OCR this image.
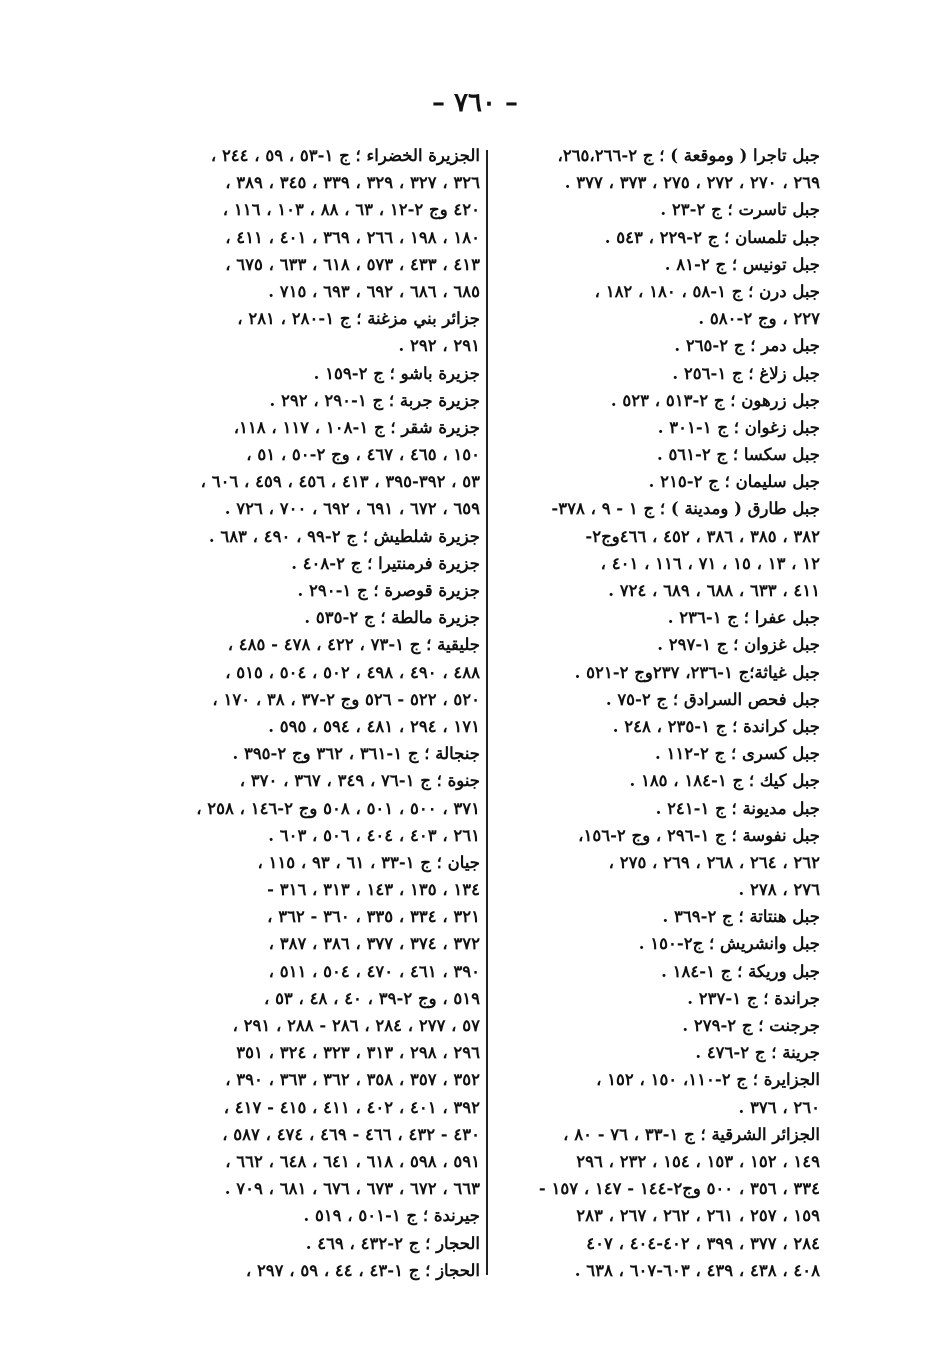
– ٧٦٠ –
جبل تاجرا ( وموقعة ) ؛ ج ٢-٢٦٥،٢٦٦،
٢٦٩ ، ٢٧٠ ، ٢٧٢ ، ٢٧٥ ، ٣٧٣ ، ٣٧٧ .
جبل تاسرت ؛ ج ٢-٢٣ .
جبل تلمسان ؛ ج ٢-٢٢٩ ، ٥٤٣ .
جبل تونيس ؛ ج ٢-٨١ .
جبل درن ؛ ج ١-٥٨ ، ١٨٠ ، ١٨٢ ،
٢٢٧ ، وج ٢-٥٨٠ .
جبل دمر ؛ ج ٢-٢٦٥ .
جبل زلاغ ؛ ج ١-٢٥٦ .
جبل زرهون ؛ ج ٢-٥١٣ ، ٥٢٣ .
جبل زغوان ؛ ج ١-٣٠١ .
جبل سكسا ؛ ج ٢-٥٦١ .
جبل سليمان ؛ ج ٢-٢١٥ .
جبل طارق ( ومدينة ) ؛ ج ١ - ٩ ، ٣٧٨-
٣٨٢ ، ٣٨٥ ، ٣٨٦ ، ٤٥٢ ، ٤٦٦وج٢-
١٢ ، ١٣ ، ١٥ ، ٧١ ، ١١٦ ، ٤٠١ ،
٤١١ ، ٦٣٣ ، ٦٨٨ ، ٦٨٩ ، ٧٢٤ .
جبل عفرا ؛ ج ١-٢٣٦ .
جبل غزوان ؛ ج ١-٢٩٧ .
جبل غياثة؛ج ١-٢٣٦، ٢٣٧وج ٢-٥٢١ .
جبل فحص السرادق ؛ ج ٢-٧٥ .
جبل كراندة ؛ ج ١-٢٣٥ ، ٢٤٨ .
جبل كسرى ؛ ج ٢-١١٢ .
جبل كيك ؛ ج ١-١٨٤ ، ١٨٥ .
جبل مديونة ؛ ج ١-٢٤١ .
جبل نفوسة ؛ ج ١-٢٩٦ ، وج ٢-١٥٦،
٢٦٢ ، ٢٦٤ ، ٢٦٨ ، ٢٦٩ ، ٢٧٥ ،
٢٧٦ ، ٢٧٨ .
جبل هنتاتة ؛ ج ٢-٣٦٩ .
جبل وانشريش ؛ ج٢-١٥٠ .
جبل وريكة ؛ ج ١-١٨٤ .
جراندة ؛ ج ١-٢٣٧ .
جرجنت ؛ ج ٢-٢٧٩ .
جرينة ؛ ج ٢-٤٧٦ .
الجزايرة ؛ ج ٢-١١٠، ١٥٠ ، ١٥٢ ،
٢٦٠ ، ٣٧٦ .
الجزائر الشرقية ؛ ج ١-٣٣ ، ٧٦ - ٨٠ ،
١٤٩ ، ١٥٢ ، ١٥٣ ، ١٥٤ ، ٢٣٢ ، ٢٩٦
٣٣٤ ، ٣٥٦ ، ٥٠٠ وج٢-١٤٤ - ١٤٧ ، ١٥٧ -
١٥٩ ، ٢٥٧ ، ٢٦١ ، ٢٦٢ ، ٢٦٧ ، ٢٨٣
٢٨٤ ، ٣٧٧ ، ٣٩٩ ، ٤٠٢-٤٠٤ ، ٤٠٧
٤٠٨ ، ٤٣٨ ، ٤٣٩ ، ٦٠٣-٦٠٧ ، ٦٣٨ .
الجزيرة الخضراء ؛ ج ١-٥٣ ، ٥٩ ، ٢٤٤ ،
٣٢٦ ، ٣٢٧ ، ٣٢٩ ، ٣٣٩ ، ٣٤٥ ، ٣٨٩ ،
٤٢٠ وج ٢-١٢ ، ٦٣ ، ٨٨ ، ١٠٣ ، ١١٦ ،
١٨٠ ، ١٩٨ ، ٢٦٦ ، ٣٦٩ ، ٤٠١ ، ٤١١ ،
٤١٣ ، ٤٣٣ ، ٥٧٣ ، ٦١٨ ، ٦٣٣ ، ٦٧٥ ،
٦٨٥ ، ٦٨٦ ، ٦٩٢ ، ٦٩٣ ، ٧١٥ .
جزائر بني مزغنة ؛ ج ١-٢٨٠ ، ٢٨١ ،
٢٩١ ، ٢٩٢ .
جزيرة باشو ؛ ج ٢-١٥٩ .
جزيرة جربة ؛ ج ١-٢٩٠ ، ٢٩٢ .
جزيرة شقر ؛ ج ١-١٠٨ ، ١١٧ ، ١١٨،
١٥٠ ، ٤٦٥ ، ٤٦٧ ، وج ٢-٥٠ ، ٥١ ،
٥٣ ، ٣٩٢-٣٩٥ ، ٤١٣ ، ٤٥٦ ، ٤٥٩ ، ٦٠٦ ،
٦٥٩ ، ٦٧٢ ، ٦٩١ ، ٦٩٢ ، ٧٠٠ ، ٧٢٦ .
جزيرة شلطيش ؛ ج ٢-٩٩ ، ٤٩٠ ، ٦٨٣ .
جزيرة فرمنتيرا ؛ ج ٢-٤٠٨ .
جزيرة قوصرة ؛ ج ١-٢٩٠ .
جزيرة مالطة ؛ ج ٢-٥٣٥ .
جليقية ؛ ج ١-٧٣ ، ٤٢٢ ، ٤٧٨ - ٤٨٥ ،
٤٨٨ ، ٤٩٠ ، ٤٩٨ ، ٥٠٢ ، ٥٠٤ ، ٥١٥ ،
٥٢٠ ، ٥٢٢ - ٥٢٦ وج ٢-٣٧ ، ٣٨ ، ١٧٠ ،
١٧١ ، ٢٩٤ ، ٤٨١ ، ٥٩٤ ، ٥٩٥ .
جنجالة ؛ ج ١-٣٦١ ، ٣٦٢ وج ٢-٣٩٥ .
جنوة ؛ ج ١-٧٦ ، ٣٤٩ ، ٣٦٧ ، ٣٧٠ ،
٣٧١ ، ٥٠٠ ، ٥٠١ ، ٥٠٨ وج ٢-١٤٦ ، ٢٥٨ ،
٢٦١ ، ٤٠٣ ، ٤٠٤ ، ٥٠٦ ، ٦٠٣ .
جيان ؛ ج ١-٣٣ ، ٦١ ، ٩٣ ، ١١٥ ،
١٣٤ ، ١٣٥ ، ١٤٣ ، ٣١٣ ، ٣١٦ -
٣٢١ ، ٣٣٤ ، ٣٣٥ ، ٣٦٠ - ٣٦٢ ،
٣٧٢ ، ٣٧٤ ، ٣٧٧ ، ٣٨٦ ، ٣٨٧ ،
٣٩٠ ، ٤٦١ ، ٤٧٠ ، ٥٠٤ ، ٥١١ ،
٥١٩ ، وج ٢-٣٩ ، ٤٠ ، ٤٨ ، ٥٣ ،
٥٧ ، ٢٧٧ ، ٢٨٤ ، ٢٨٦ - ٢٨٨ ، ٢٩١ ،
٢٩٦ ، ٢٩٨ ، ٣١٣ ، ٣٢٣ ، ٣٢٤ ، ٣٥١
٣٥٢ ، ٣٥٧ ، ٣٥٨ ، ٣٦٢ ، ٣٦٣ ، ٣٩٠ ،
٣٩٢ ، ٤٠١ ، ٤٠٢ ، ٤١١ ، ٤١٥ - ٤١٧ ،
٤٣٠ - ٤٣٢ ، ٤٦٦ - ٤٦٩ ، ٤٧٤ ، ٥٨٧ ،
٥٩١ ، ٥٩٨ ، ٦١٨ ، ٦٤١ ، ٦٤٨ ، ٦٦٢ ،
٦٦٣ ، ٦٧٢ ، ٦٧٣ ، ٦٧٦ ، ٦٨١ ، ٧٠٩ .
جيرندة ؛ ج ١-٥٠١ ، ٥١٩ .
الحجار ؛ ج ٢-٤٣٢ ، ٤٦٩ .
الحجاز ؛ ج ١-٤٣ ، ٤٤ ، ٥٩ ، ٢٩٧ ،
